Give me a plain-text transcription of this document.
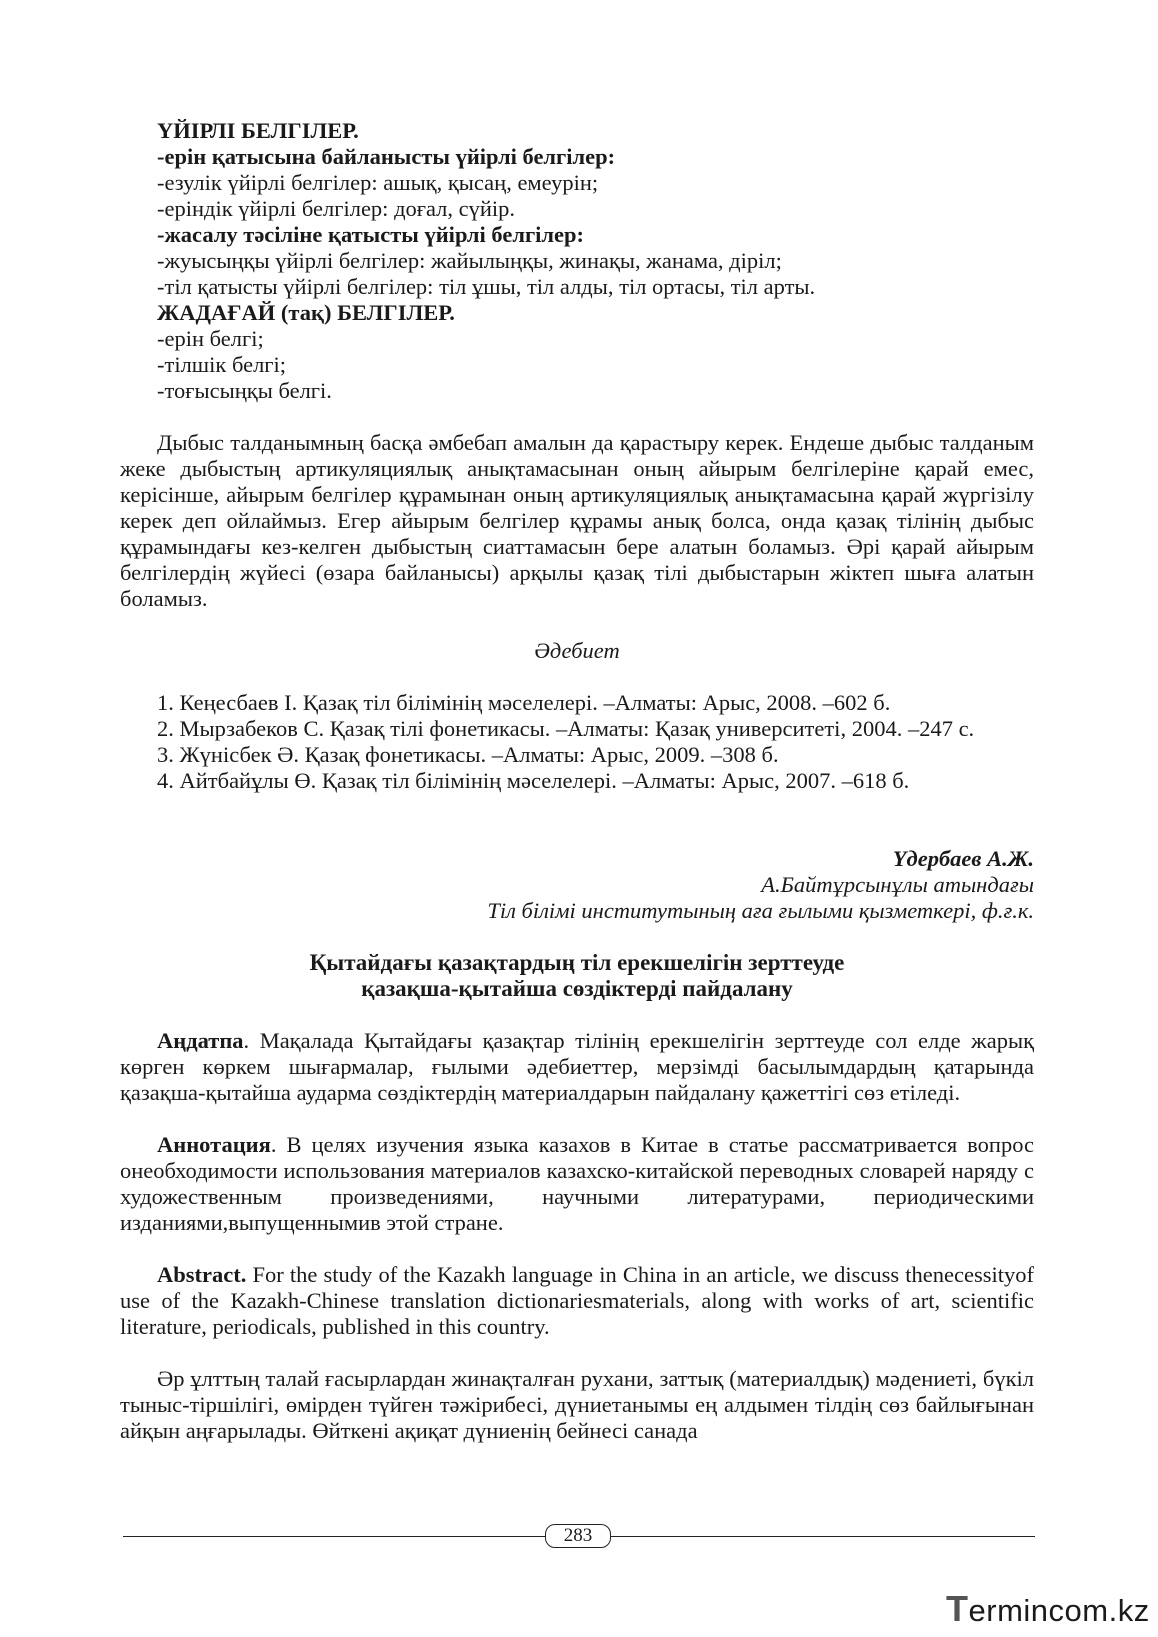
ҮЙІРЛІ БЕЛГІЛЕР.
-ерін қатысына байланысты үйірлі белгілер:
-езулік үйірлі белгілер: ашық, қысаң, емеурін;
-еріндік үйірлі белгілер: доғал, сүйір.
-жасалу тәсіліне қатысты үйірлі белгілер:
-жуысыңқы үйірлі белгілер: жайылыңқы, жинақы, жанама, діріл;
-тіл қатысты үйірлі белгілер: тіл ұшы, тіл алды, тіл ортасы, тіл арты.
ЖАДАҒАЙ (тақ) БЕЛГІЛЕР.
-ерін белгі;
-тілшік белгі;
-тоғысыңқы белгі.

Дыбыс талданымның басқа әмбебап амалын да қарастыру керек. Ендеше дыбыс талданым жеке дыбыстың артикуляциялық анықтамасынан оның айырым белгілеріне қарай емес, керісінше, айырым белгілер құрамынан оның артикуляциялық анықтамасына қарай жүргізілу керек деп ойлаймыз. Егер айырым белгілер құрамы анық болса, онда қазақ тілінің дыбыс құрамындағы кез-келген дыбыстың сиаттамасын бере алатын боламыз. Әрі қарай айырым белгілердің жүйесі (өзара байланысы) арқылы қазақ тілі дыбыстарын жіктеп шыға алатын боламыз.

Әдебиет
1. Кеңесбаев І. Қазақ тіл білімінің мәселелері. –Алматы: Арыс, 2008. –602 б.
2. Мырзабеков С. Қазақ тілі фонетикасы. –Алматы: Қазақ университеті, 2004. –247 с.
3. Жүнісбек Ә. Қазақ фонетикасы. –Алматы: Арыс, 2009. –308 б.
4. Айтбайұлы Ө. Қазақ тіл білімінің мәселелері. –Алматы: Арыс, 2007. –618 б.
Үдербаев А.Ж.
А.Байтұрсынұлы атындағы
Тіл білімі институтының аға ғылыми қызметкері, ф.ғ.к.
Қытайдағы қазақтардың тіл ерекшелігін зерттеуде
қазақша-қытайша сөздіктерді пайдалану

Аңдатпа. Мақалада Қытайдағы қазақтар тілінің ерекшелігін зерттеуде сол елде жарық көрген көркем шығармалар, ғылыми әдебиеттер, мерзімді басылымдардың қатарында қазақша-қытайша аударма сөздіктердің материалдарын пайдалану қажеттігі сөз етіледі.

Аннотация. В целях изучения языка казахов в Китае в статье рассматривается вопрос онеобходимости использования материалов казахско-китайской переводных словарей наряду с художественным произведениями, научными литературами, периодическими изданиями,выпущеннымив этой стране.

Abstract. For the study of the Kazakh language in China in an article, we discuss thenecessityof use of the Kazakh-Chinese translation dictionariesmaterials, along with works of art, scientific literature, periodicals, published in this country.

Әр ұлттың талай ғасырлардан жинақталған рухани, заттық (материалдық) мәдениеті, бүкіл тыныс-тіршілігі, өмірден түйген тәжірибесі, дүниетанымы ең алдымен тілдің сөз байлығынан айқын аңғарылады. Өйткені ақиқат дүниенің бейнесі санада

283
Termincom.kz
